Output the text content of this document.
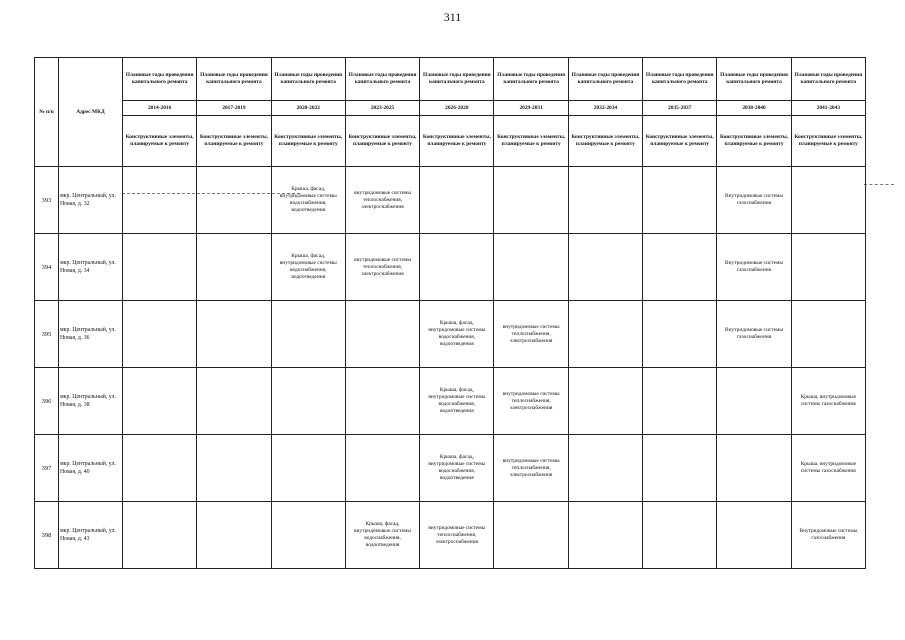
311
№ п/п	Адрес МКД	Плановые годы проведения капитального ремонта	Плановые годы проведения капитального ремонта	Плановые годы проведения капитального ремонта	Плановые годы проведения капитального ремонта	Плановые годы проведения капитального ремонта	Плановые годы проведения капитального ремонта	Плановые годы проведения капитального ремонта	Плановые годы проведения капитального ремонта	Плановые годы проведения капитального ремонта	Плановые годы проведения капитального ремонта
		2014-2016	2017-2019	2020-2022	2023-2025	2026-2028	2029-2031	2032-2034	2035-2037	2038-2040	2041-2043
		Конструктивные элементы, планируемые к ремонту	Конструктивные элементы, планируемые к ремонту	Конструктивные элементы, планируемые к ремонту	Конструктивные элементы, планируемые к ремонту	Конструктивные элементы, планируемые к ремонту	Конструктивные элементы, планируемые к ремонту	Конструктивные элементы, планируемые к ремонту	Конструктивные элементы, планируемые к ремонту	Конструктивные элементы, планируемые к ремонту	Конструктивные элементы, планируемые к ремонту
393	мкр. Центральный, ул. Новая, д. 32			Крыша, фасад, внутридомовые системы водоснабжения, водоотведения	внутридомовые системы теплоснабжения, электроснабжения					Внутридомовые системы газоснабжения	
394	мкр. Центральный, ул. Новая, д. 34			Крыша, фасад, внутридомовые системы водоснабжения, водоотведения	внутридомовые системы теплоснабжения, электроснабжения					Внутридомовые системы газоснабжения	
395	мкр. Центральный, ул. Новая, д. 36					Крыша, фасад, внутридомовые системы водоснабжения, водоотведения	внутридомовые системы теплоснабжения, электроснабжения			Внутридомовые системы газоснабжения	
396	мкр. Центральный, ул. Новая, д. 38					Крыша, фасад, внутридомовые системы водоснабжения, водоотведения	внутридомовые системы теплоснабжения, электроснабжения				Крыша, внутридомовые системы газоснабжения
397	мкр. Центральный, ул. Новая, д. 40					Крыша, фасад, внутридомовые системы водоснабжения, водоотведения	внутридомовые системы теплоснабжения, электроснабжения				Крыша, внутридомовые системы газоснабжения
398	мкр. Центральный, ул. Новая, д. 43				Крыша, фасад, внутридомовые системы водоснабжения, водоотведения	внутридомовые системы теплоснабжения, электроснабжения					Внутридомовые системы газоснабжения
